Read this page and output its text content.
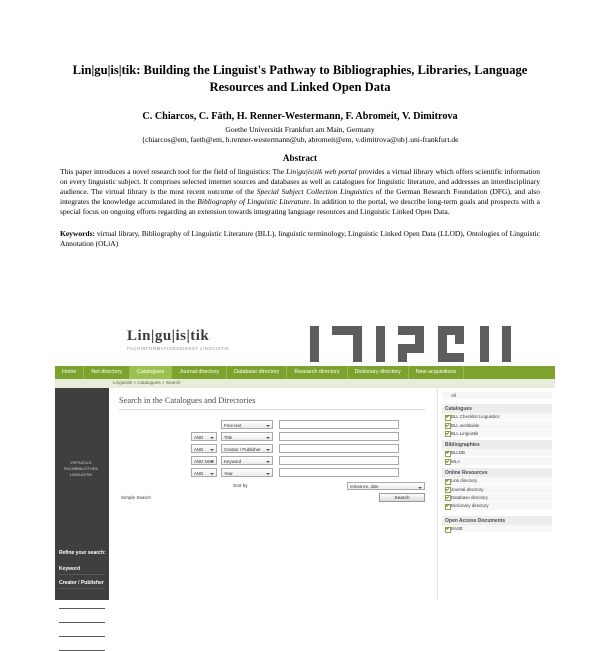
Lin|gu|is|tik: Building the Linguist's Pathway to Bibliographies, Libraries, Language Resources and Linked Open Data
C. Chiarcos, C. Fäth, H. Renner-Westermann, F. Abromeit, V. Dimitrova
Goethe Universität Frankfurt am Main, Germany
{chiarcos@em, faeth@em, h.renner-westermann@ub, abromeit@em, v.dimitrova@ub}.uni-frankfurt.de
Abstract
This paper introduces a novel research tool for the field of linguistics: The Lin|gu|is|tik web portal provides a virtual library which offers scientific information on every linguistic subject. It comprises selected internet sources and databases as well as catalogues for linguistic literature, and addresses an interdisciplinary audience. The virtual library is the most recent outcome of the Special Subject Collection Linguistics of the German Research Foundation (DFG), and also integrates the knowledge accumulated in the Bibliography of Linguistic Literature. In addition to the portal, we describe long-term goals and prospects with a special focus on ongoing efforts regarding an extension towards integrating language resources and Linguistic Linked Open Data.
Keywords: virtual library, Bibliography of Linguistic Literature (BLL), linguistic terminology, Linguistic Linked Open Data (LLOD), Ontologies of Linguistic Annotation (OLiA)
Lin|gu|is|tik
FACHINFORMATIONSDIENST LINGUISTIK
Home	Net directory	Catalogues	Journal directory	Database directory	Research directory	Dictionary directory	New acquisitions
Linguistik > Catalogues > Search
Search in the Catalogues and Directories
Free text
AND	Title
AND	Creator / Publisher
AND NOT	Keyword
AND	Year
Sort by	relevance, date
Simple Search	Search
All
Catalogues
BLL Checklist Linguistics
BLL worldwide
BLL Linguistik
Bibliographies
BLLDB
MLA
Online Resources
Link directory
Journal directory
Database directory
Dictionary directory
Open Access Documents
BASE
VIRTUELLE FACHBIBLIOTHEK LINGUISTIK
Refine your search:
Keyword
Creator / Publisher
Year
Medium
Type
BLL SB Access
